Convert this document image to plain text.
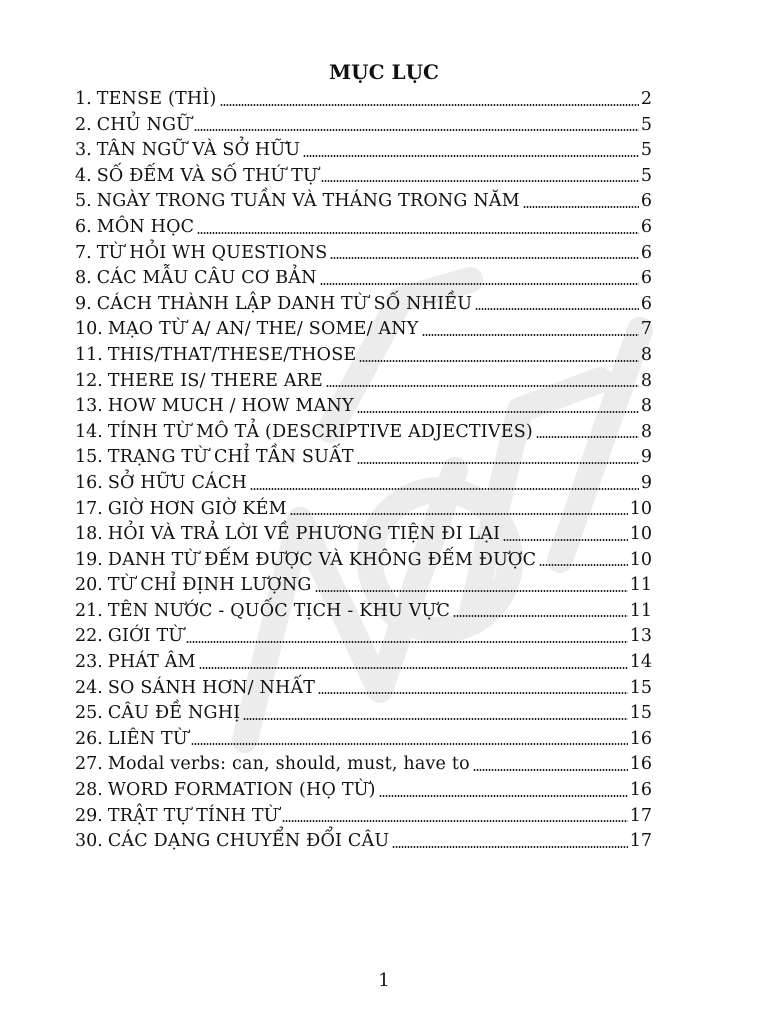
MỤC LỤC
1. TENSE (THÌ)	2
2. CHỦ NGỮ	5
3. TÂN NGỮ VÀ SỞ HỮU	5
4. SỐ ĐẾM VÀ SỐ THỨ TỰ	5
5. NGÀY TRONG TUẦN VÀ THÁNG TRONG NĂM	6
6. MÔN HỌC	6
7. TỪ HỎI WH QUESTIONS	6
8. CÁC MẪU CÂU CƠ BẢN	6
9. CÁCH THÀNH LẬP DANH TỪ SỐ NHIỀU	6
10. MẠO TỪ A/ AN/ THE/ SOME/ ANY	7
11. THIS/THAT/THESE/THOSE	8
12. THERE IS/ THERE ARE	8
13. HOW MUCH / HOW MANY	8
14. TÍNH TỪ MÔ TẢ (DESCRIPTIVE ADJECTIVES)	8
15. TRẠNG TỪ CHỈ TẦN SUẤT	9
16. SỞ HỮU CÁCH	9
17. GIỜ HƠN GIỜ KÉM	10
18. HỎI VÀ TRẢ LỜI VỀ PHƯƠNG TIỆN ĐI LẠI	10
19. DANH TỪ ĐẾM ĐƯỢC VÀ KHÔNG ĐẾM ĐƯỢC	10
20. TỪ CHỈ ĐỊNH LƯỢNG	11
21. TÊN NƯỚC - QUỐC TỊCH - KHU VỰC	11
22. GIỚI TỪ	13
23. PHÁT ÂM	14
24. SO SÁNH HƠN/ NHẤT	15
25. CÂU ĐỀ NGHỊ	15
26. LIÊN TỪ	16
27. Modal verbs: can, should, must, have to	16
28. WORD FORMATION (HỌ TỪ)	16
29. TRẬT TỰ TÍNH TỪ	17
30. CÁC DẠNG CHUYỂN ĐỔI CÂU	17
1
